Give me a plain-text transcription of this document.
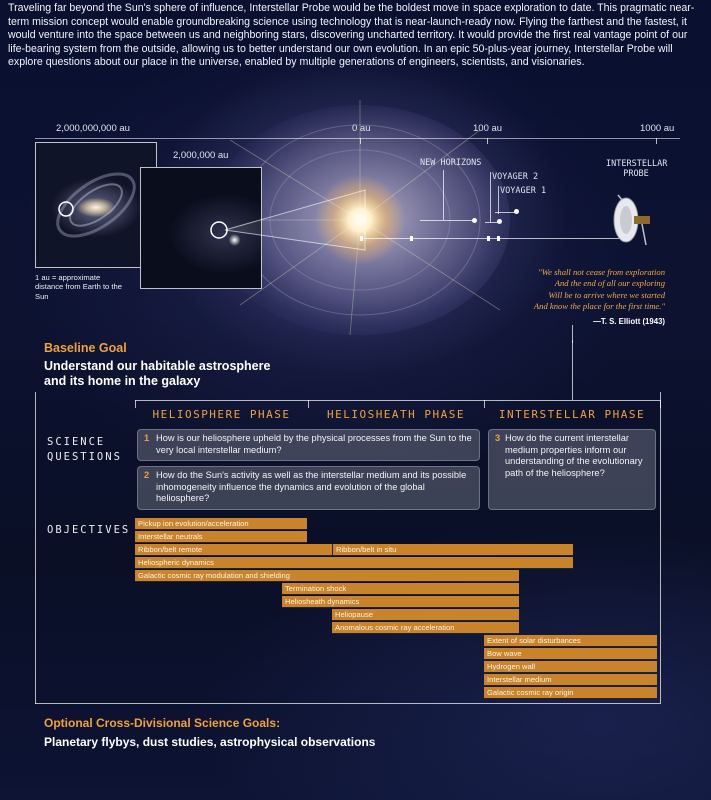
Traveling far beyond the Sun's sphere of influence, Interstellar Probe would be the boldest move in space exploration to date. This pragmatic near-term mission concept would enable groundbreaking science using technology that is near-launch-ready now. Flying the farthest and the fastest, it would venture into the space between us and neighboring stars, discovering uncharted territory. It would provide the first real vantage point of our life-bearing system from the outside, allowing us to better understand our own evolution. In an epic 50-plus-year journey, Interstellar Probe will explore questions about our place in the universe, enabled by multiple generations of engineers, scientists, and visionaries.
2,000,000,000 au
2,000,000 au
0 au	100 au	1000 au
NEW HORIZONS
VOYAGER 2
VOYAGER 1
INTERSTELLAR
PROBE
1 au = approximate distance from Earth to the Sun
"We shall not cease from exploration
And the end of all our exploring
Will be to arrive where we started
And know the place for the first time."
—T. S. Elliott (1943)
Baseline Goal
Understand our habitable astrosphere
and its home in the galaxy
HELIOSPHERE PHASE	HELIOSHEATH PHASE	INTERSTELLAR PHASE
SCIENCE
QUESTIONS
1 How is our heliosphere upheld by the physical processes from the Sun to the very local interstellar medium?
2 How do the Sun's activity as well as the interstellar medium and its possible inhomogeneity influence the dynamics and evolution of the global heliosphere?
3 How do the current interstellar medium properties inform our understanding of the evolutionary path of the heliosphere?
OBJECTIVES
Pickup ion evolution/acceleration
Interstellar neutrals
Ribbon/belt remote	Ribbon/belt in situ
Heliospheric dynamics
Galactic cosmic ray modulation and shielding
Termination shock
Heliosheath dynamics
Heliopause
Anomalous cosmic ray acceleration
Extent of solar disturbances
Bow wave
Hydrogen wall
Interstellar medium
Galactic cosmic ray origin
Optional Cross-Divisional Science Goals:
Planetary flybys, dust studies, astrophysical observations
